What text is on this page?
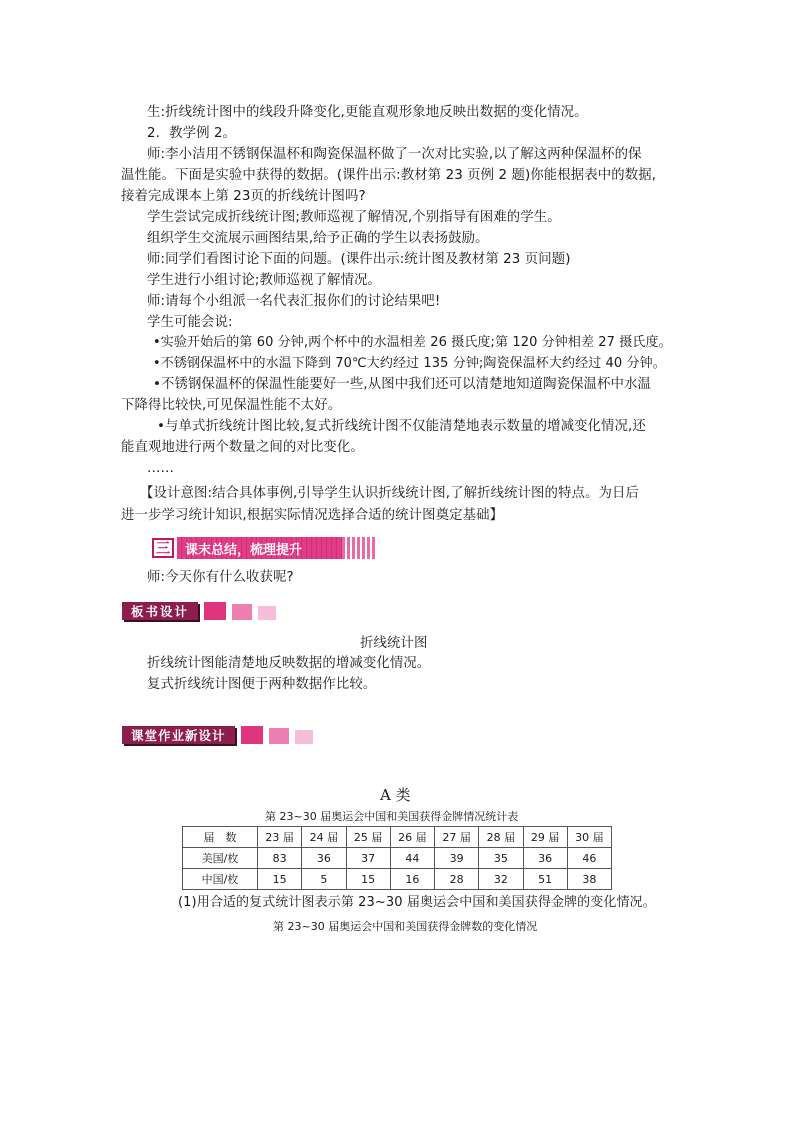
生:折线统计图中的线段升降变化,更能直观形象地反映出数据的变化情况。
2．教学例 2。
师:李小洁用不锈钢保温杯和陶瓷保温杯做了一次对比实验,以了解这两种保温杯的保
温性能。下面是实验中获得的数据。(课件出示:教材第 23 页例 2 题)你能根据表中的数据,
接着完成课本上第 23页的折线统计图吗?
学生尝试完成折线统计图;教师巡视了解情况,个别指导有困难的学生。
组织学生交流展示画图结果,给予正确的学生以表扬鼓励。
师:同学们看图讨论下面的问题。(课件出示:统计图及教材第 23 页问题)
学生进行小组讨论;教师巡视了解情况。
师:请每个小组派一名代表汇报你们的讨论结果吧!
学生可能会说:
•实验开始后的第 60 分钟,两个杯中的水温相差 26 摄氏度;第 120 分钟相差 27 摄氏度。
•不锈钢保温杯中的水温下降到 70℃大约经过 135 分钟;陶瓷保温杯大约经过 40 分钟。
•不锈钢保温杯的保温性能要好一些,从图中我们还可以清楚地知道陶瓷保温杯中水温
下降得比较快,可见保温性能不太好。
•与单式折线统计图比较,复式折线统计图不仅能清楚地表示数量的增减变化情况,还
能直观地进行两个数量之间的对比变化。
……
【设计意图:结合具体事例,引导学生认识折线统计图,了解折线统计图的特点。为日后
进一步学习统计知识,根据实际情况选择合适的统计图奠定基础】
三	课末总结，梳理提升
师:今天你有什么收获呢?
板书设计
折线统计图
折线统计图能清楚地反映数据的增减变化情况。
复式折线统计图便于两种数据作比较。
课堂作业新设计
A 类
第 23~30 届奥运会中国和美国获得金牌情况统计表
届　数	23 届	24 届	25 届	26 届	27 届	28 届	29 届	30 届
美国/枚	83	36	37	44	39	35	36	46
中国/枚	15	5	15	16	28	32	51	38
(1)用合适的复式统计图表示第 23~30 届奥运会中国和美国获得金牌的变化情况。
第 23~30 届奥运会中国和美国获得金牌数的变化情况
